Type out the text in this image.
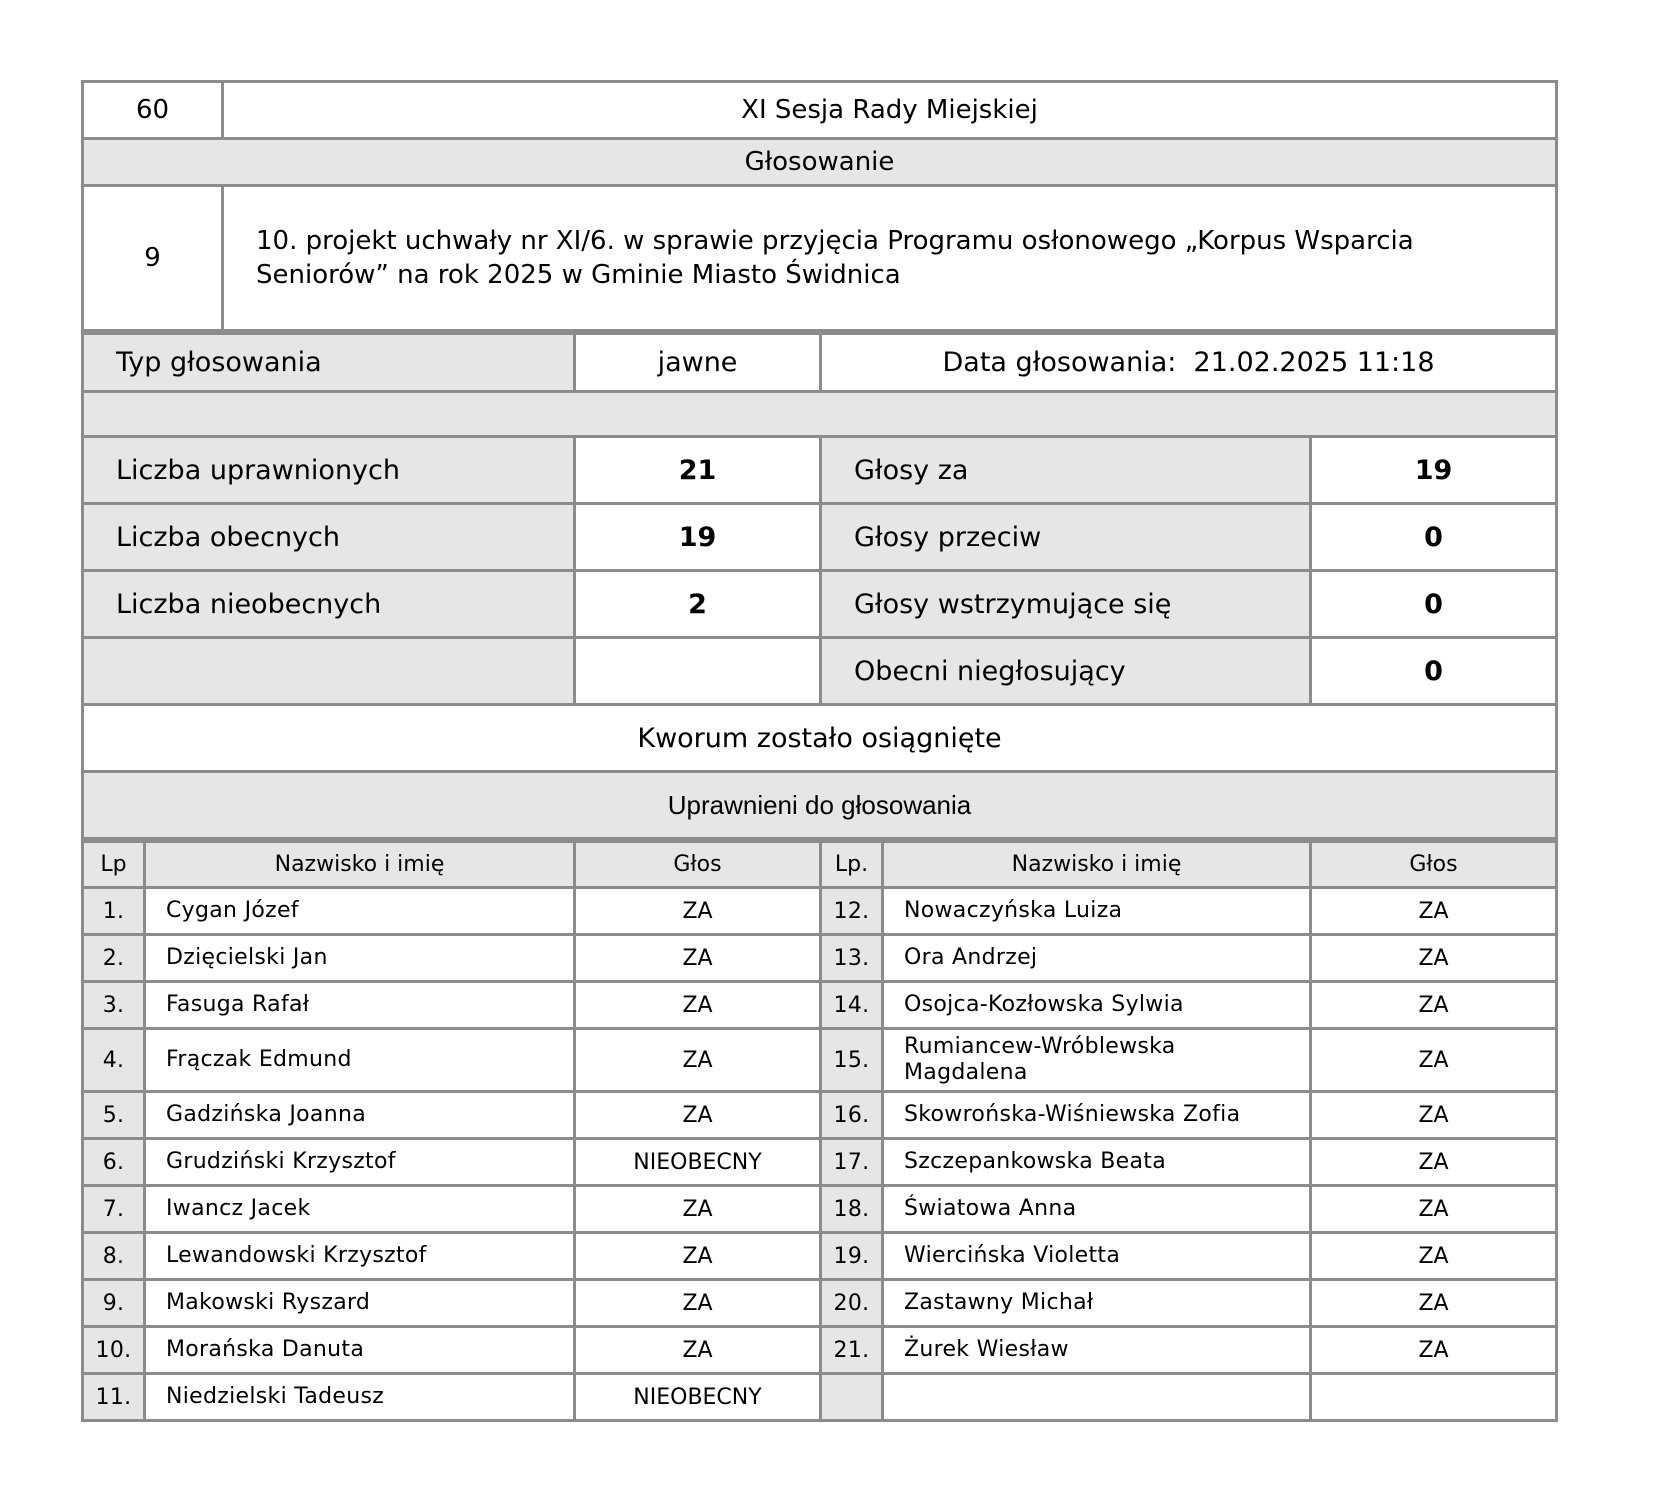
60	XI Sesja Rady Miejskiej
Głosowanie	
9	10. projekt uchwały nr XI/6. w sprawie przyjęcia Programu osłonowego „Korpus Wsparcia Seniorów” na rok 2025 w Gminie Miasto Świdnica
Typ głosowania	jawne	Data głosowania: 21.02.2025 11:18	

Liczba uprawnionych	21	Głosy za	19
Liczba obecnych	19	Głosy przeciw	0
Liczba nieobecnych	2	Głosy wstrzymujące się	0
		Obecni niegłosujący	0
Kworum zostało osiągnięte			
Uprawnieni do głosowania			
Lp	Nazwisko i imię	Głos	Lp.	Nazwisko i imię	Głos
1.	Cygan Józef	ZA	12.	Nowaczyńska Luiza	ZA
2.	Dzięcielski Jan	ZA	13.	Ora Andrzej	ZA
3.	Fasuga Rafał	ZA	14.	Osojca-Kozłowska Sylwia	ZA
4.	Frączak Edmund	ZA	15.	Rumiancew-Wróblewska Magdalena	ZA
5.	Gadzińska Joanna	ZA	16.	Skowrońska-Wiśniewska Zofia	ZA
6.	Grudziński Krzysztof	NIEOBECNY	17.	Szczepankowska Beata	ZA
7.	Iwancz Jacek	ZA	18.	Światowa Anna	ZA
8.	Lewandowski Krzysztof	ZA	19.	Wiercińska Violetta	ZA
9.	Makowski Ryszard	ZA	20.	Zastawny Michał	ZA
10.	Morańska Danuta	ZA	21.	Żurek Wiesław	ZA
11.	Niedzielski Tadeusz	NIEOBECNY			
